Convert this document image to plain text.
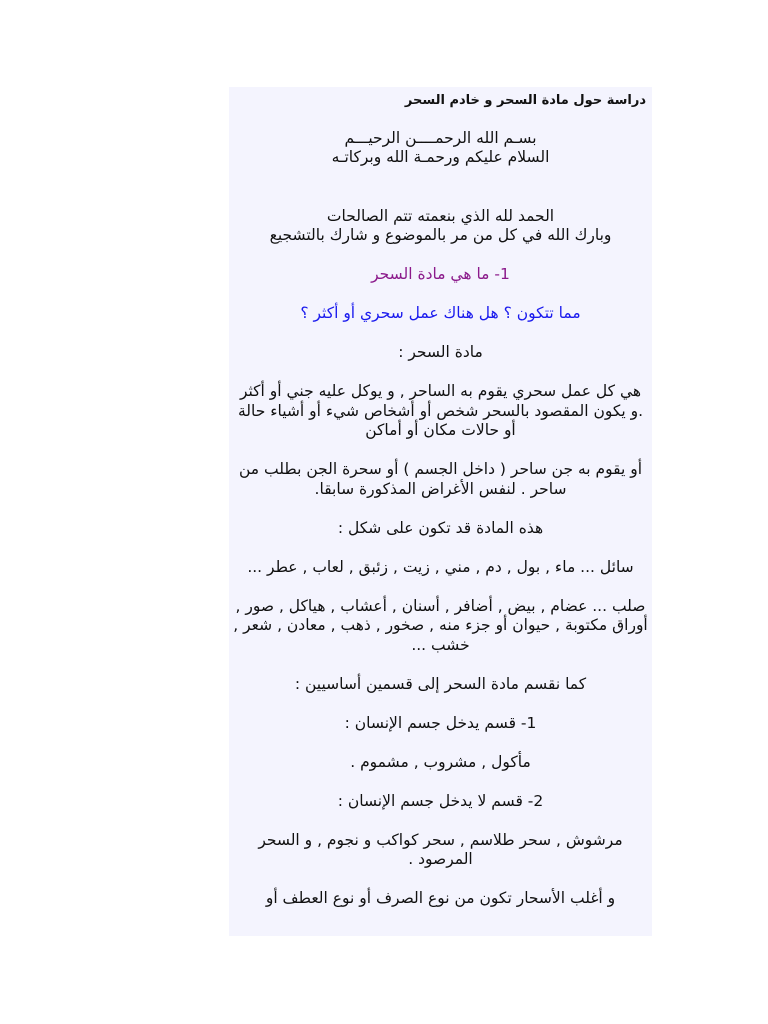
دراسة حول مادة السحر و خادم السحر

بسـم الله الرحمــــن الرحيـــم

السلام عليكم ورحمـة الله وبركاتـه

الحمد لله الذي بنعمته تتم الصالحات

وبارك الله في كل من مر بالموضوع و شارك بالتشجيع

1- ما هي مادة السحر

مما تتكون ؟ هل هناك عمل سحري أو أكثر ؟

مادة السحر :

هي كل عمل سحري يقوم به الساحر , و يوكل عليه جني أو أكثر .و يكون المقصود بالسحر شخص أو أشخاص شيء أو أشياء حالة أو حالات مكان أو أماكن

أو يقوم به جن ساحر ( داخل الجسم ) أو سحرة الجن بطلب من ساحر . لنفس الأغراض المذكورة سابقا.

هذه المادة قد تكون على شكل :

سائل ... ماء , بول , دم , مني , زيت , زئبق , لعاب , عطر ...

صلب ... عضام , بيض , أضافر , أسنان , أعشاب , هياكل , صور , أوراق مكتوبة , حيوان أو جزء منه , صخور , ذهب , معادن , شعر , خشب ...

كما نقسم مادة السحر إلى قسمين أساسيين :

1- قسم يدخل جسم الإنسان :

مأكول , مشروب , مشموم .

2- قسم لا يدخل جسم الإنسان :

مرشوش , سحر طلاسم , سحر كواكب و نجوم , و السحر المرصود .

و أغلب الأسحار تكون من نوع الصرف أو نوع العطف أو
